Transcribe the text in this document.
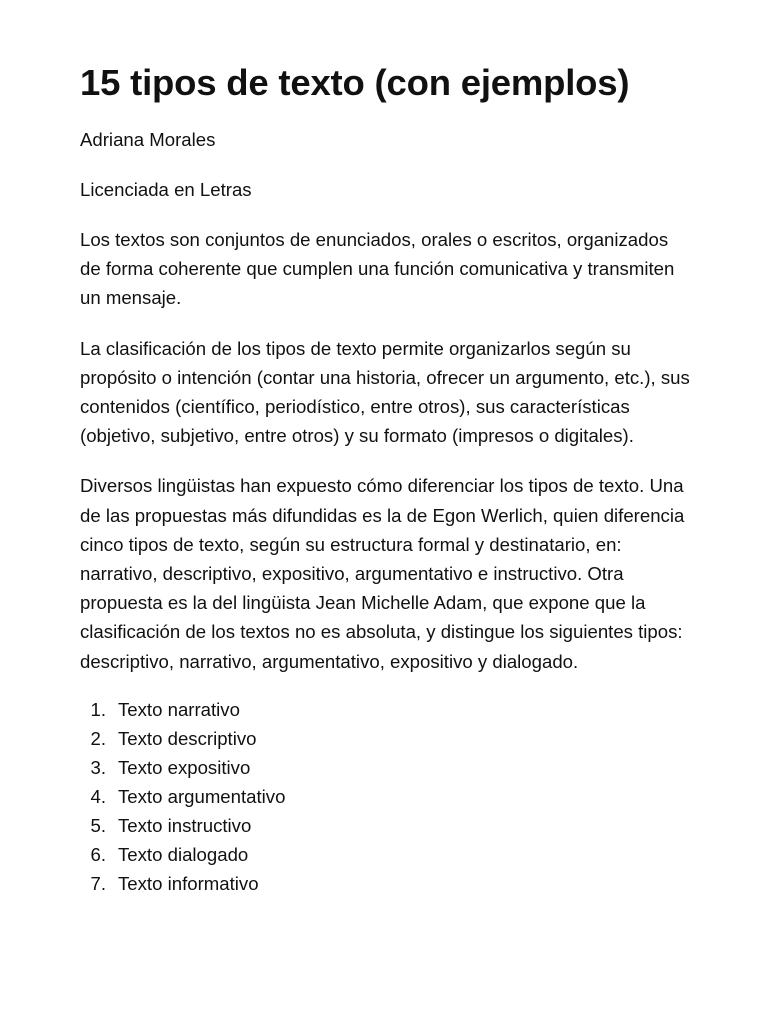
15 tipos de texto (con ejemplos)
Adriana Morales
Licenciada en Letras

Los textos son conjuntos de enunciados, orales o escritos, organizados de forma coherente que cumplen una función comunicativa y transmiten un mensaje.

La clasificación de los tipos de texto permite organizarlos según su propósito o intención (contar una historia, ofrecer un argumento, etc.), sus contenidos (científico, periodístico, entre otros), sus características (objetivo, subjetivo, entre otros) y su formato (impresos o digitales).

Diversos lingüistas han expuesto cómo diferenciar los tipos de texto. Una de las propuestas más difundidas es la de Egon Werlich, quien diferencia cinco tipos de texto, según su estructura formal y destinatario, en: narrativo, descriptivo, expositivo, argumentativo e instructivo. Otra propuesta es la del lingüista Jean Michelle Adam, que expone que la clasificación de los textos no es absoluta, y distingue los siguientes tipos: descriptivo, narrativo, argumentativo, expositivo y dialogado.

1. Texto narrativo
2. Texto descriptivo
3. Texto expositivo
4. Texto argumentativo
5. Texto instructivo
6. Texto dialogado
7. Texto informativo
